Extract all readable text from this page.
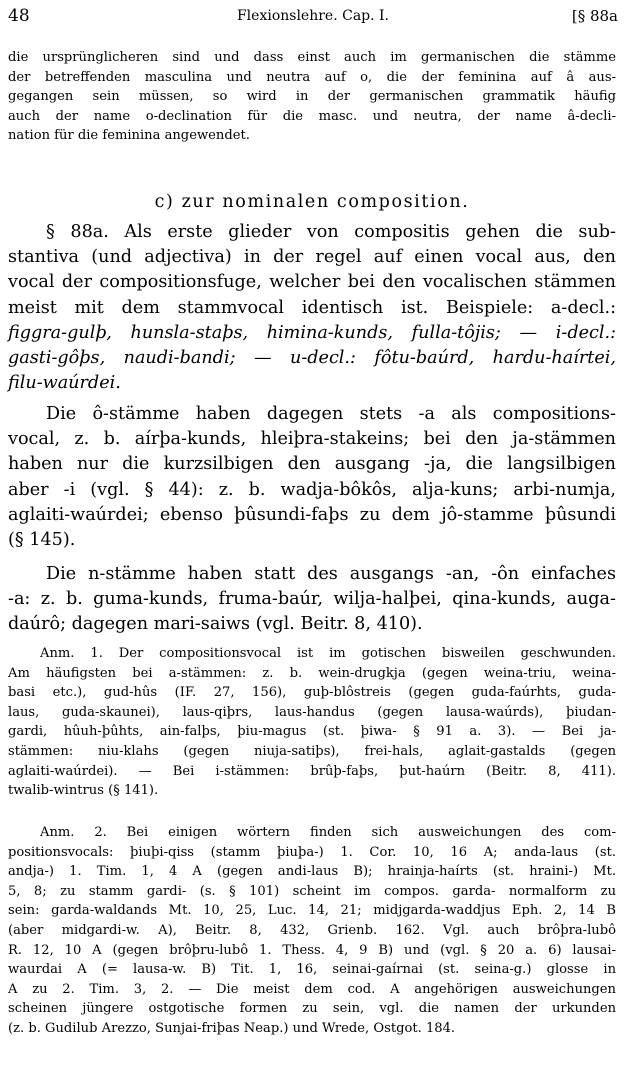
48	Flexionslehre. Cap. I.	[§ 88a
die ursprünglicheren sind und dass einst auch im germanischen die stämme
der betreffenden masculina und neutra auf o, die der feminina auf â aus-
gegangen sein müssen, so wird in der germanischen grammatik häufig
auch der name o-declination für die masc. und neutra, der name â-decli-
nation für die feminina angewendet.
c) zur nominalen composition.
§ 88a. Als erste glieder von compositis gehen die sub-
stantiva (und adjectiva) in der regel auf einen vocal aus, den
vocal der compositionsfuge, welcher bei den vocalischen stämmen
meist mit dem stammvocal identisch ist. Beispiele: a-decl.:
figgra-gulþ, hunsla-staþs, himina-kunds, fulla-tôjis; — i-decl.:
gasti-gôþs, naudi-bandi; — u-decl.: fôtu-baúrd, hardu-haírtei,
filu-waúrdei.
Die ô-stämme haben dagegen stets -a als compositions-
vocal, z. b. aírþa-kunds, hleiþra-stakeins; bei den ja-stämmen
haben nur die kurzsilbigen den ausgang -ja, die langsilbigen
aber -i (vgl. § 44): z. b. wadja-bôkôs, alja-kuns; arbi-numja,
aglaiti-waúrdei; ebenso þûsundi-faþs zu dem jô-stamme þûsundi
(§ 145).
Die n-stämme haben statt des ausgangs -an, -ôn einfaches
-a: z. b. guma-kunds, fruma-baúr, wilja-halþei, qina-kunds, auga-
daúrô; dagegen mari-saiws (vgl. Beitr. 8, 410).
Anm. 1. Der compositionsvocal ist im gotischen bisweilen geschwunden.
Am häufigsten bei a-stämmen: z. b. wein-drugkja (gegen weina-triu, weina-
basi etc.), gud-hûs (IF. 27, 156), guþ-blôstreis (gegen guda-faúrhts, guda-
laus, guda-skaunei), laus-qiþrs, laus-handus (gegen lausa-waúrds), þiudan-
gardi, hûuh-þûhts, ain-falþs, þiu-magus (st. þiwa- § 91 a. 3). — Bei ja-
stämmen: niu-klahs (gegen niuja-satiþs), frei-hals, aglait-gastalds (gegen
aglaiti-waúrdei). — Bei i-stämmen: brûþ-faþs, þut-haúrn (Beitr. 8, 411).
twalib-wintrus (§ 141).
Anm. 2. Bei einigen wörtern finden sich ausweichungen des com-
positionsvocals: þiuþi-qiss (stamm þiuþa-) 1. Cor. 10, 16 A; anda-laus (st.
andja-) 1. Tim. 1, 4 A (gegen andi-laus B); hrainja-haírts (st. hraini-) Mt.
5, 8; zu stamm gardi- (s. § 101) scheint im compos. garda- normalform zu
sein: garda-waldands Mt. 10, 25, Luc. 14, 21; midjgarda-waddjus Eph. 2, 14 B
(aber midgardi-w. A), Beitr. 8, 432, Grienb. 162. Vgl. auch brôþra-lubô
R. 12, 10 A (gegen brôþru-lubô 1. Thess. 4, 9 B) und (vgl. § 20 a. 6) lausai-
waurdai A (= lausa-w. B) Tit. 1, 16, seinai-gaírnai (st. seina-g.) glosse in
A zu 2. Tim. 3, 2. — Die meist dem cod. A angehörigen ausweichungen
scheinen jüngere ostgotische formen zu sein, vgl. die namen der urkunden
(z. b. Gudilub Arezzo, Sunjai-friþas Neap.) und Wrede, Ostgot. 184.
